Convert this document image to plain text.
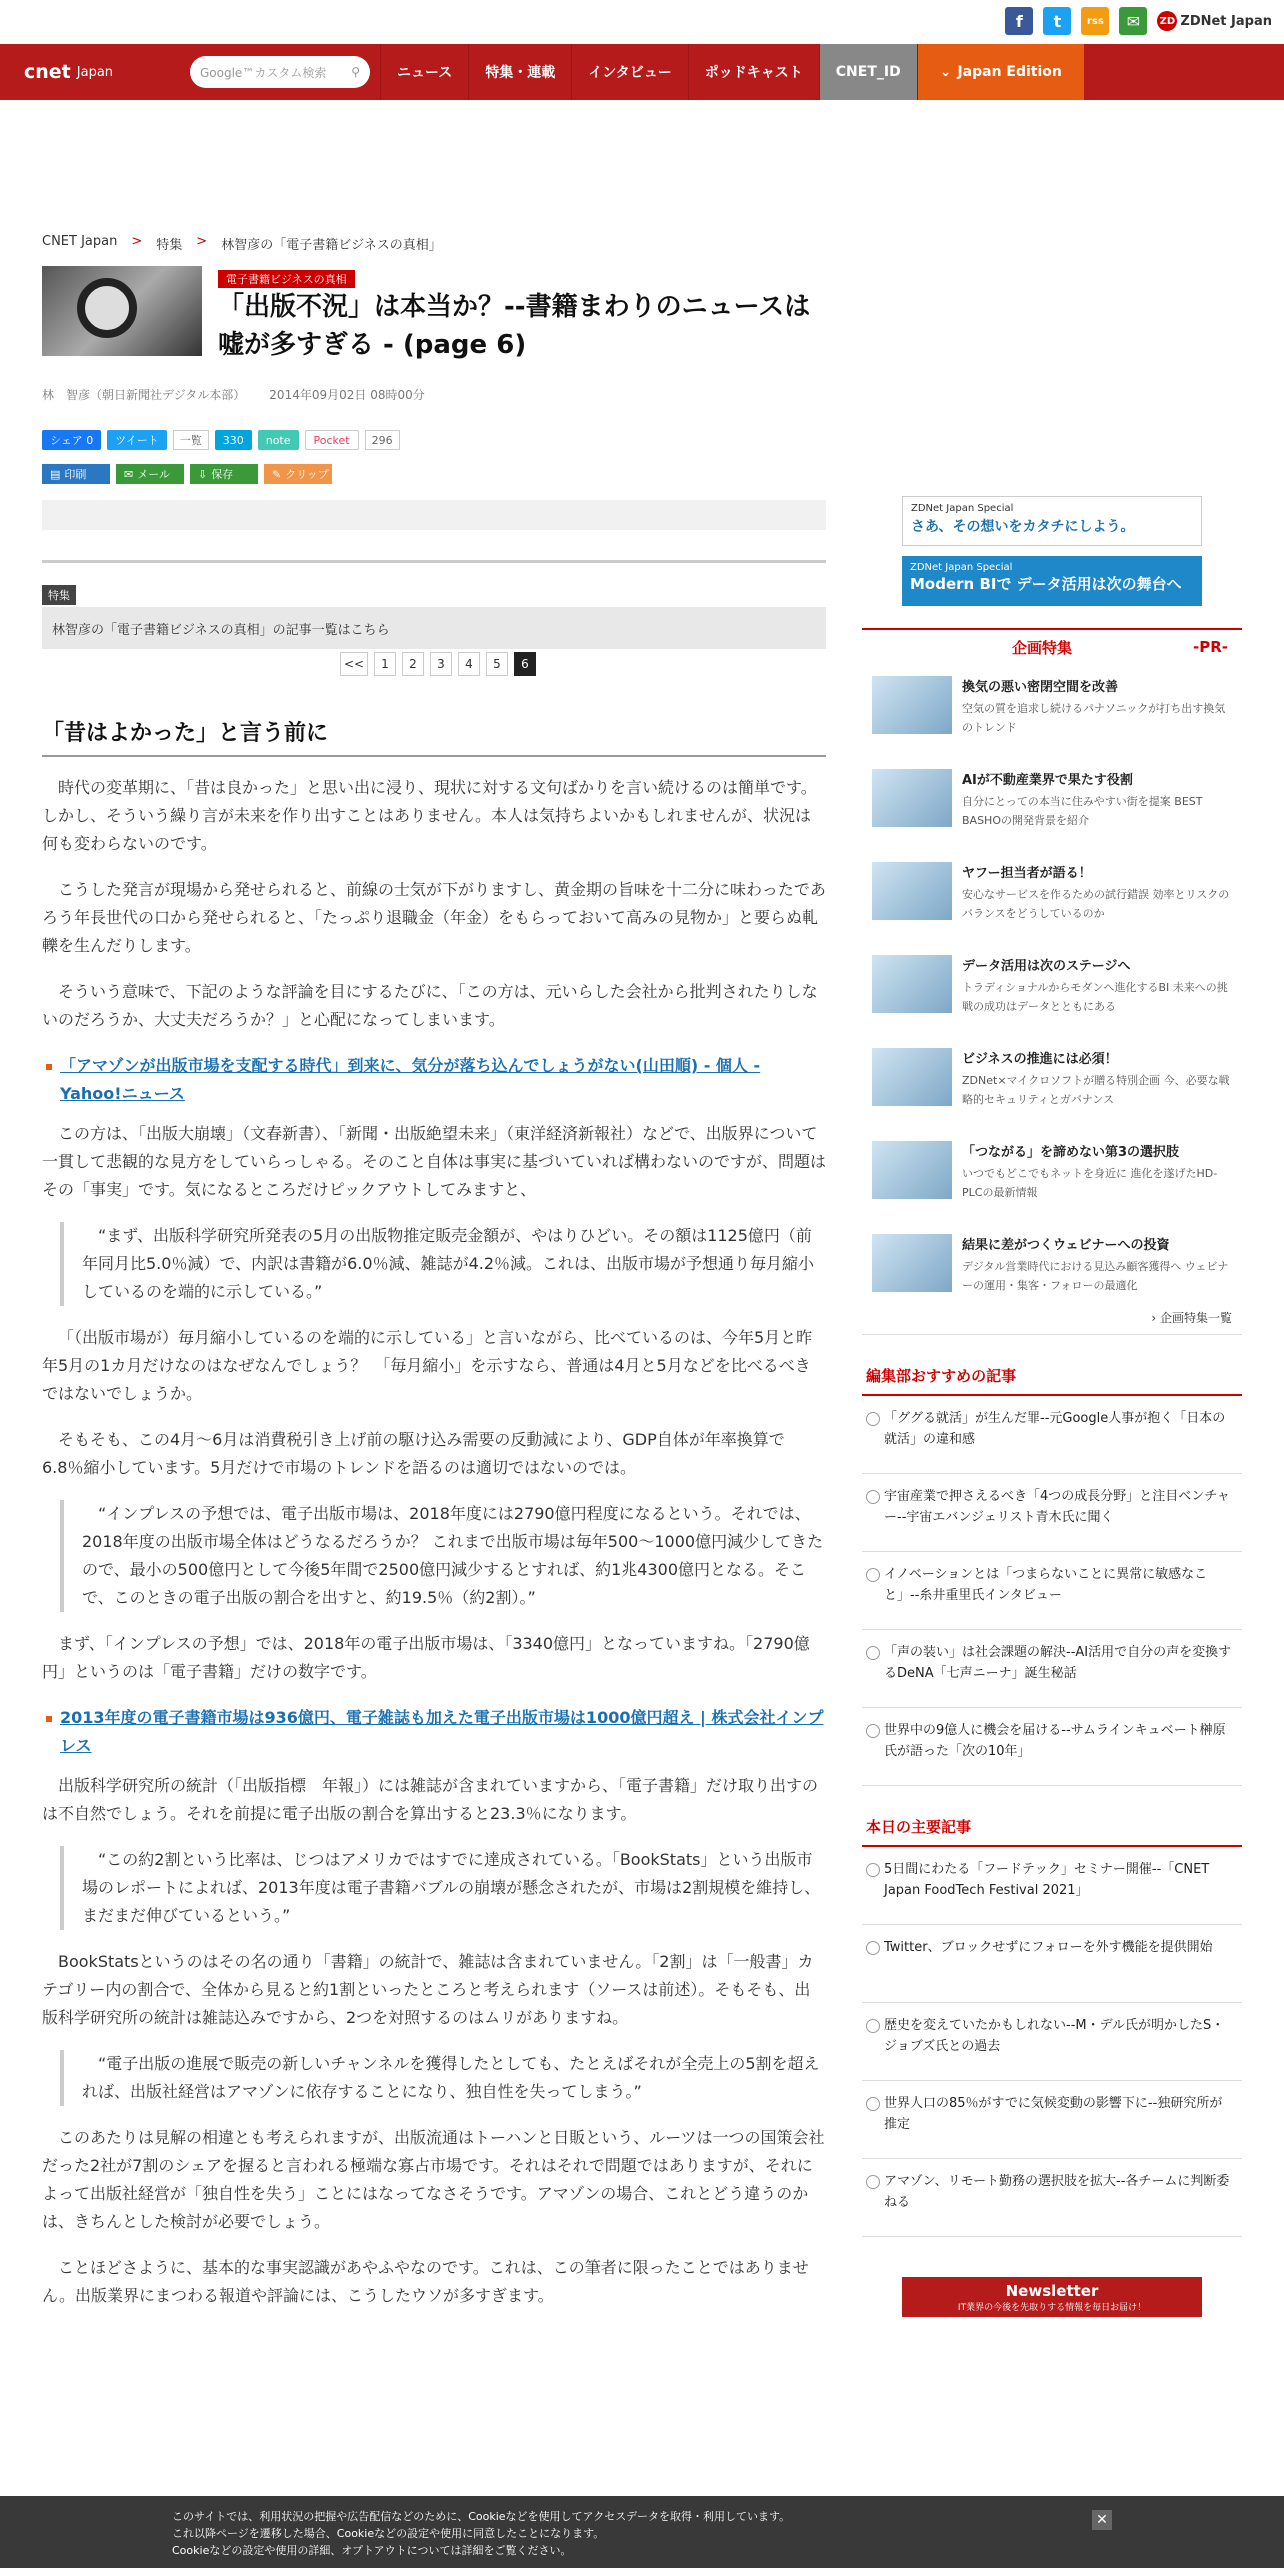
f	t	rss	✉	ZD ZDNet Japan
cnet Japan	Google™カスタム検索 ⚲	ニュース	特集・連載	インタビュー	ポッドキャスト	CNET_ID	⌄ Japan Edition
CNET Japan > 特集 > 林智彦の「電子書籍ビジネスの真相」
電子書籍ビジネスの真相
「出版不況」は本当か？--書籍まわりのニュースは嘘が多すぎる - (page 6)
林　智彦（朝日新聞社デジタル本部） 2014年09月02日 08時00分
シェア 0	ツイート	一覧	330	note	Pocket	296
▤ 印刷	✉ メール	⇩ 保存	✎ クリップ
特集
林智彦の「電子書籍ビジネスの真相」の記事一覧はこちら
<<	1	2	3	4	5	6
「昔はよかった」と言う前に

時代の変革期に、「昔は良かった」と思い出に浸り、現状に対する文句ばかりを言い続けるのは簡単です。しかし、そういう繰り言が未来を作り出すことはありません。本人は気持ちよいかもしれませんが、状況は何も変わらないのです。

こうした発言が現場から発せられると、前線の士気が下がりますし、黄金期の旨味を十二分に味わったであろう年長世代の口から発せられると、「たっぷり退職金（年金）をもらっておいて高みの見物か」と要らぬ軋轢を生んだりします。

そういう意味で、下記のような評論を目にするたびに、「この方は、元いらした会社から批判されたりしないのだろうか、大丈夫だろうか？」と心配になってしまいます。

「アマゾンが出版市場を支配する時代」到来に、気分が落ち込んでしょうがない(山田順) - 個人 - Yahoo!ニュース

この方は、「出版大崩壊」（文春新書）、「新聞・出版絶望未来」（東洋経済新報社）などで、出版界について一貫して悲観的な見方をしていらっしゃる。そのこと自体は事実に基づいていれば構わないのですが、問題はその「事実」です。気になるところだけピックアウトしてみますと、

“まず、出版科学研究所発表の5月の出版物推定販売金額が、やはりひどい。その額は1125億円（前年同月比5.0％減）で、内訳は書籍が6.0％減、雑誌が4.2％減。これは、出版市場が予想通り毎月縮小しているのを端的に示している。”

「（出版市場が）毎月縮小しているのを端的に示している」と言いながら、比べているのは、今年5月と昨年5月の1カ月だけなのはなぜなんでしょう？　「毎月縮小」を示すなら、普通は4月と5月などを比べるべきではないでしょうか。

そもそも、この4月～6月は消費税引き上げ前の駆け込み需要の反動減により、GDP自体が年率換算で6.8％縮小しています。5月だけで市場のトレンドを語るのは適切ではないのでは。

“インプレスの予想では、電子出版市場は、2018年度には2790億円程度になるという。それでは、2018年度の出版市場全体はどうなるだろうか？ これまで出版市場は毎年500～1000億円減少してきたので、最小の500億円として今後5年間で2500億円減少するとすれば、約1兆4300億円となる。そこで、このときの電子出版の割合を出すと、約19.5％（約2割）。”

まず、「インプレスの予想」では、2018年の電子出版市場は、「3340億円」となっていますね。「2790億円」というのは「電子書籍」だけの数字です。

2013年度の電子書籍市場は936億円、電子雑誌も加えた電子出版市場は1000億円超え | 株式会社インプレス

出版科学研究所の統計（「出版指標　年報」）には雑誌が含まれていますから、「電子書籍」だけ取り出すのは不自然でしょう。それを前提に電子出版の割合を算出すると23.3％になります。

“この約2割という比率は、じつはアメリカではすでに達成されている。「BookStats」という出版市場のレポートによれば、2013年度は電子書籍バブルの崩壊が懸念されたが、市場は2割規模を維持し、まだまだ伸びているという。”

BookStatsというのはその名の通り「書籍」の統計で、雑誌は含まれていません。「2割」は「一般書」カテゴリー内の割合で、全体から見ると約1割といったところと考えられます（ソースは前述）。そもそも、出版科学研究所の統計は雑誌込みですから、2つを対照するのはムリがありますね。

“電子出版の進展で販売の新しいチャンネルを獲得したとしても、たとえばそれが全売上の5割を超えれば、出版社経営はアマゾンに依存することになり、独自性を失ってしまう。”

このあたりは見解の相違とも考えられますが、出版流通はトーハンと日販という、ルーツは一つの国策会社だった2社が7割のシェアを握ると言われる極端な寡占市場です。それはそれで問題ではありますが、それによって出版社経営が「独自性を失う」ことにはなってなさそうです。アマゾンの場合、これとどう違うのかは、きちんとした検討が必要でしょう。

ことほどさように、基本的な事実認識があやふやなのです。これは、この筆者に限ったことではありません。出版業界にまつわる報道や評論には、こうしたウソが多すぎます。

ZDNet Japan Special
さあ、その想いをカタチにしよう。
ZDNet Japan Special
Modern BIで データ活用は次の舞台へ
企画特集	-PR-
換気の悪い密閉空間を改善
空気の質を追求し続けるパナソニックが打ち出す換気のトレンド
AIが不動産業界で果たす役割
自分にとっての本当に住みやすい街を提案 BEST BASHOの開発背景を紹介
ヤフー担当者が語る！
安心なサービスを作るための試行錯誤 効率とリスクのバランスをどうしているのか
データ活用は次のステージへ
トラディショナルからモダンへ進化するBI 未来への挑戦の成功はデータとともにある
ビジネスの推進には必須！
ZDNet×マイクロソフトが贈る特別企画 今、必要な戦略的セキュリティとガバナンス
「つながる」を諦めない第3の選択肢
いつでもどこでもネットを身近に 進化を遂げたHD-PLCの最新情報
結果に差がつくウェビナーへの投資
デジタル営業時代における見込み顧客獲得へ ウェビナーの運用・集客・フォローの最適化
› 企画特集一覧
編集部おすすめの記事
「ググる就活」が生んだ罪--元Google人事が抱く「日本の就活」の違和感
宇宙産業で押さえるべき「4つの成長分野」と注目ベンチャー--宇宙エバンジェリスト青木氏に聞く
イノベーションとは「つまらないことに異常に敏感なこと」--糸井重里氏インタビュー
「声の装い」は社会課題の解決--AI活用で自分の声を変換するDeNA「七声ニーナ」誕生秘話
世界中の9億人に機会を届ける--サムラインキュベート榊原氏が語った「次の10年」
本日の主要記事
5日間にわたる「フードテック」セミナー開催--「CNET Japan FoodTech Festival 2021」
Twitter、ブロックせずにフォローを外す機能を提供開始
歴史を変えていたかもしれない--M・デル氏が明かしたS・ジョブズ氏との過去
世界人口の85％がすでに気候変動の影響下に--独研究所が推定
アマゾン、リモート勤務の選択肢を拡大--各チームに判断委ねる
Newsletter
IT業界の今後を先取りする情報を毎日お届け！
このサイトでは、利用状況の把握や広告配信などのために、Cookieなどを使用してアクセスデータを取得・利用しています。
これ以降ページを遷移した場合、Cookieなどの設定や使用に同意したことになります。
Cookieなどの設定や使用の詳細、オプトアウトについては詳細をご覧ください。
✕
